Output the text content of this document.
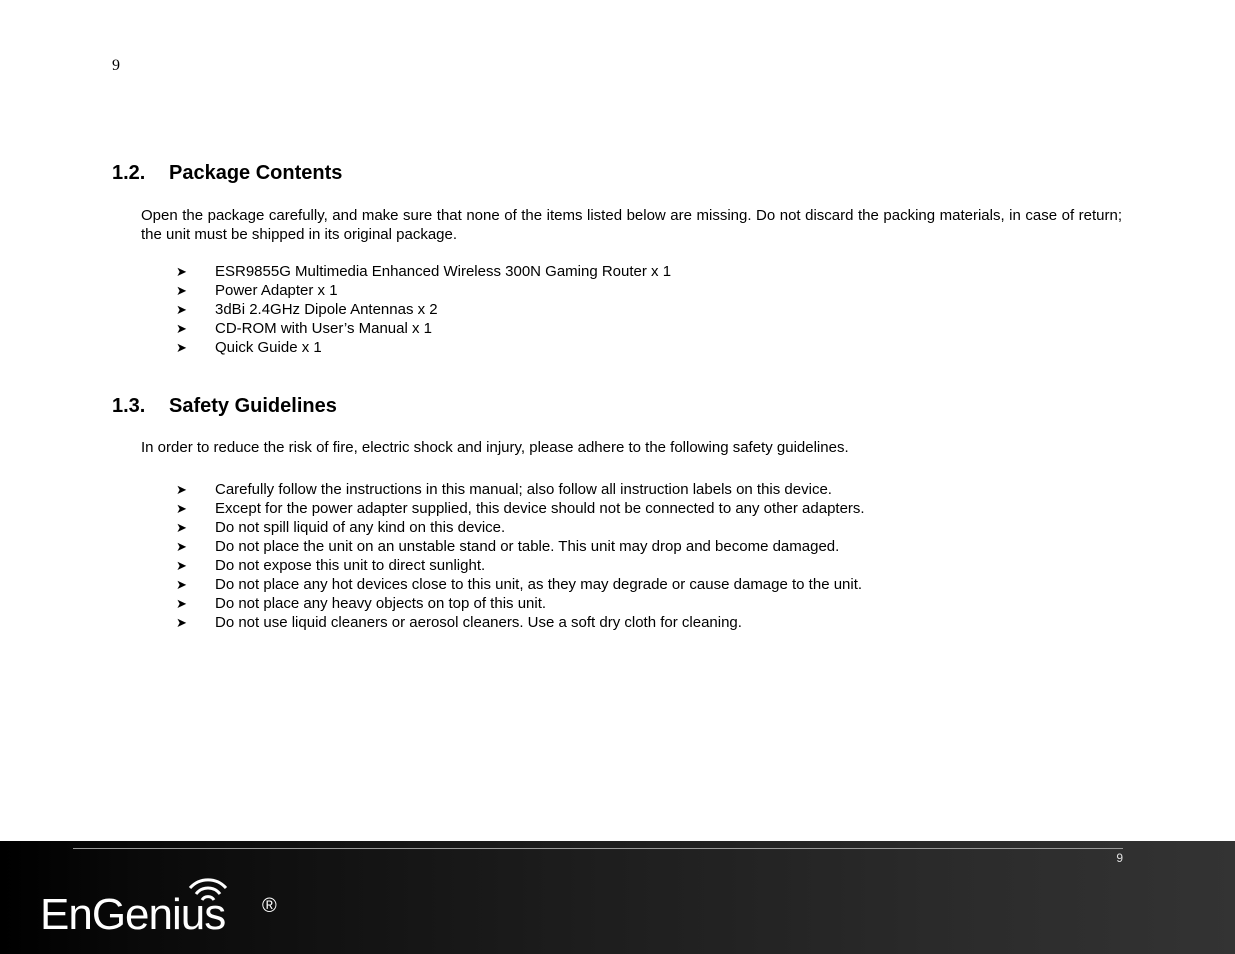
9
1.2. Package Contents

Open the package carefully, and make sure that none of the items listed below are missing. Do not discard the packing materials, in case of return; the unit must be shipped in its original package.

➤ ESR9855G Multimedia Enhanced Wireless 300N Gaming Router x 1
➤ Power Adapter x 1
➤ 3dBi 2.4GHz Dipole Antennas x 2
➤ CD-ROM with User’s Manual x 1
➤ Quick Guide x 1
1.3. Safety Guidelines

In order to reduce the risk of fire, electric shock and injury, please adhere to the following safety guidelines.

➤ Carefully follow the instructions in this manual; also follow all instruction labels on this device.
➤ Except for the power adapter supplied, this device should not be connected to any other adapters.
➤ Do not spill liquid of any kind on this device.
➤ Do not place the unit on an unstable stand or table. This unit may drop and become damaged.
➤ Do not expose this unit to direct sunlight.
➤ Do not place any hot devices close to this unit, as they may degrade or cause damage to the unit.
➤ Do not place any heavy objects on top of this unit.
➤ Do not use liquid cleaners or aerosol cleaners. Use a soft dry cloth for cleaning.
9
EnGenius ®
